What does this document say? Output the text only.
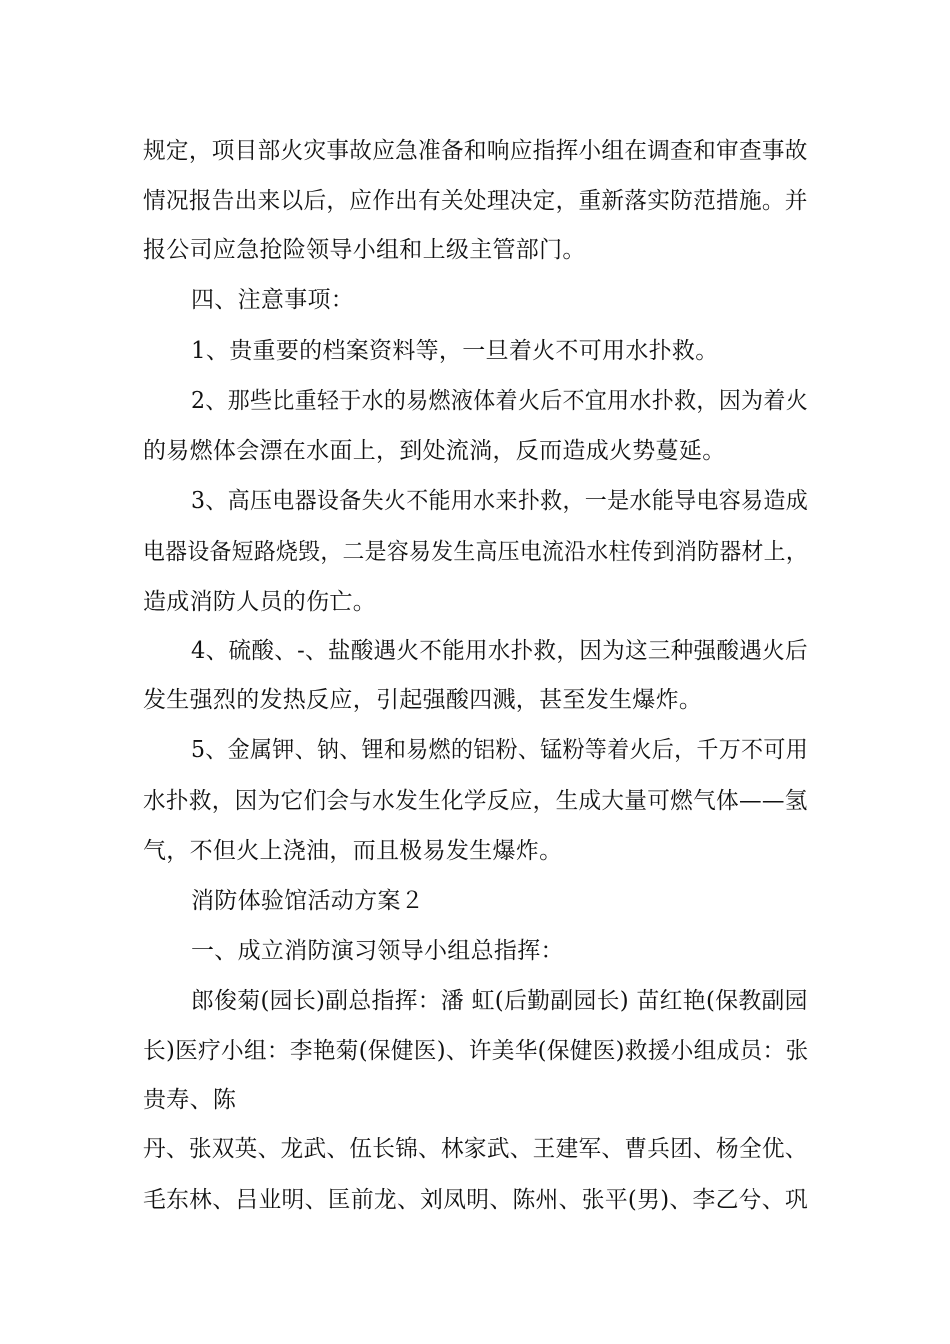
规定，项目部火灾事故应急准备和响应指挥小组在调查和审查事故
情况报告出来以后，应作出有关处理决定，重新落实防范措施。并
报公司应急抢险领导小组和上级主管部门。
四、注意事项：
1、贵重要的档案资料等，一旦着火不可用水扑救。
2、那些比重轻于水的易燃液体着火后不宜用水扑救，因为着火
的易燃体会漂在水面上，到处流淌，反而造成火势蔓延。
3、高压电器设备失火不能用水来扑救，一是水能导电容易造成
电器设备短路烧毁，二是容易发生高压电流沿水柱传到消防器材上，
造成消防人员的伤亡。
4、硫酸、-、盐酸遇火不能用水扑救，因为这三种强酸遇火后
发生强烈的发热反应，引起强酸四溅，甚至发生爆炸。
5、金属钾、钠、锂和易燃的铝粉、锰粉等着火后，千万不可用
水扑救，因为它们会与水发生化学反应，生成大量可燃气体——氢
气，不但火上浇油，而且极易发生爆炸。
消防体验馆活动方案２
一、成立消防演习领导小组总指挥：
郎俊菊(园长)副总指挥：潘 虹(后勤副园长) 苗红艳(保教副园
长)医疗小组：李艳菊(保健医)、许美华(保健医)救援小组成员：张
贵寿、陈
丹、张双英、龙武、伍长锦、林家武、王建军、曹兵团、杨全优、
毛东林、吕业明、匡前龙、刘凤明、陈州、张平(男)、李乙兮、巩
